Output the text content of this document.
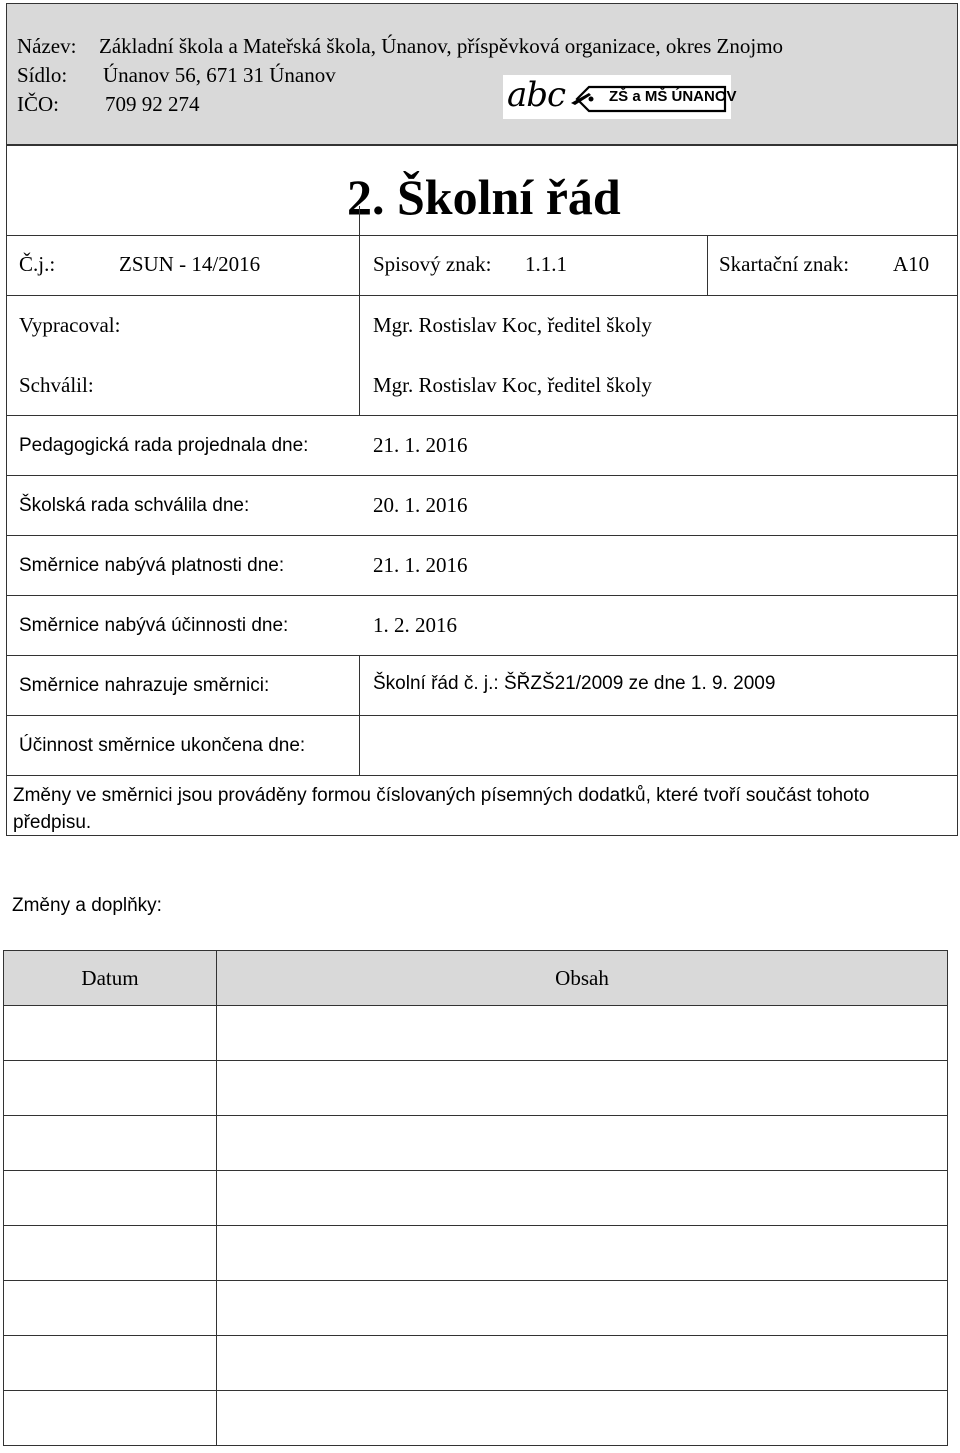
Název: Základní škola a Mateřská škola, Únanov, příspěvková organizace, okres Znojmo
Sídlo: Únanov 56, 671 31 Únanov
IČO: 709 92 274	abc	ZŠ a MŠ ÚNANOV
2. Školní řád
Č.j.:	ZSUN - 14/2016	Spisový znak: 1.1.1	Skartační znak: A10
Vypracoval:	Mgr. Rostislav Koc, ředitel školy
Schválil:	Mgr. Rostislav Koc, ředitel školy
Pedagogická rada projednala dne:	21. 1. 2016
Školská rada schválila dne:	20. 1. 2016
Směrnice nabývá platnosti dne:	21. 1. 2016
Směrnice nabývá účinnosti dne:	1. 2. 2016
Směrnice nahrazuje směrnici:	Školní řád č. j.: ŠŘZŠ21/2009 ze dne 1. 9. 2009
Účinnost směrnice ukončena dne:
Změny ve směrnici jsou prováděny formou číslovaných písemných dodatků, které tvoří součást tohoto předpisu.
Změny a doplňky:
Datum	Obsah
